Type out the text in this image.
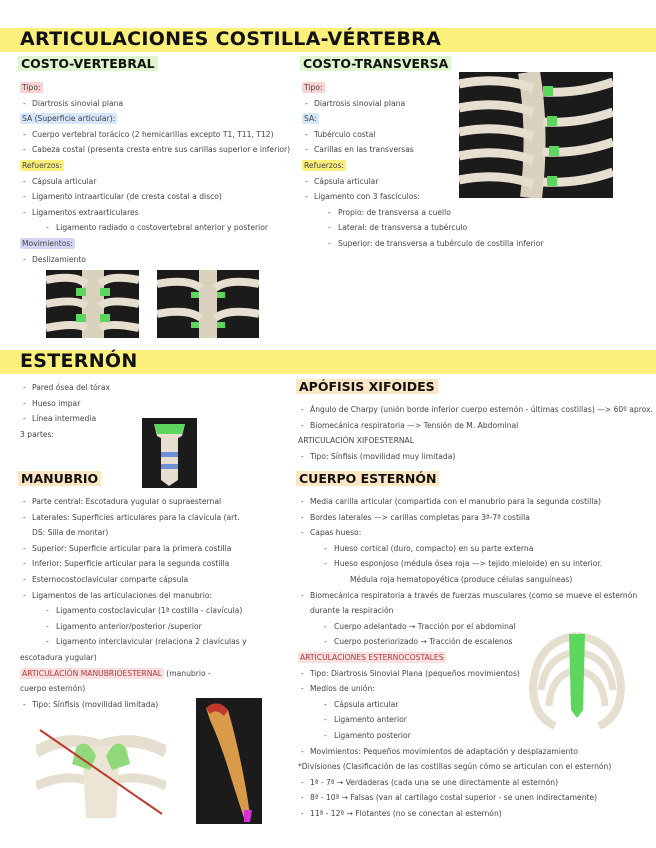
ARTICULACIONES COSTILLA-VÉRTEBRA
COSTO-VERTEBRAL
Tipo:
- Diartrosis sinovial plana
SA (Superficie articular):
- Cuerpo vertebral torácico (2 hemicarillas excepto T1, T11, T12)
- Cabeza costal (presenta cresta entre sus carillas superior e inferior)
Refuerzos:
- Cápsula articular
- Ligamento intraarticular (de cresta costal a disco)
- Ligamentos extraarticulares
- Ligamento radiado o costovertebral anterior y posterior
Movimientos:
- Deslizamiento
COSTO-TRANSVERSA
Tipo:
- Diartrosis sinovial plana
SA:
- Tubérculo costal
- Carillas en las transversas
Refuerzos:
- Cápsula articular
- Ligamento con 3 fascículos:
- Propio: de transversa a cuello
- Lateral: de transversa a tubérculo
- Superior: de transversa a tubérculo de costilla inferior
ESTERNÓN
- Pared ósea del tórax
- Hueso impar
- Línea intermedia
3 partes:
MANUBRIO
- Parte central: Escotadura yugular o supraesternal
- Laterales: Superficies articulares para la clavícula (art.
DS: Silla de montar)
- Superior: Superficie articular para la primera costilla
- Inferior: Superficie articular para la segunda costilla
- Esternocostoclavicular comparte cápsula
- Ligamentos de las articulaciones del manubrio:
- Ligamento costoclavicular (1ª costilla - clavícula)
- Ligamento anterior/posterior /superior
- Ligamento interclavicular (relaciona 2 clavículas y
escotadura yugular)
ARTICULACIÓN MANUBRIOESTERNAL (manubrio -
cuerpo esternón)
- Tipo: Sínfisis (movilidad limitada)
APÓFISIS XIFOIDES
- Ángulo de Charpy (unión borde inferior cuerpo esternón - últimas costillas) —> 60º aprox.
- Biomecánica respiratoria —> Tensión de M. Abdominal
ARTICULACIÓN XIFOESTERNAL
- Tipo: Sínfisis (movilidad muy limitada)
CUERPO ESTERNÓN
- Media carilla articular (compartida con el manubrio para la segunda costilla)
- Bordes laterales —> carillas completas para 3ª-7ª costilla
- Capas hueso:
- Hueso cortical (duro, compacto) en su parte externa
- Hueso esponjoso (médula ósea roja —> tejido mieloide) en su interior.
Médula roja hematopoyética (produce células sanguíneas)
- Biomecánica respiratoria a través de fuerzas musculares (como se mueve el esternón
durante la respiración
- Cuerpo adelantado → Tracción por el abdominal
- Cuerpo posteriorizado → Tracción de escalenos
ARTICULACIONES ESTERNOCOSTALES
- Tipo: Diartrosis Sinovial Plana (pequeños movimientos)
- Medios de unión:
- Cápsula articular
- Ligamento anterior
- Ligamento posterior
- Movimientos: Pequeños movimientos de adaptación y desplazamiento
*Divisiones (Clasificación de las costillas según cómo se articulan con el esternón)
- 1ª - 7ª → Verdaderas (cada una se une directamente al esternón)
- 8ª - 10ª → Falsas (van al cartílago costal superior - se unen indirectamente)
- 11ª - 12ª → Flotantes (no se conectan al esternón)
